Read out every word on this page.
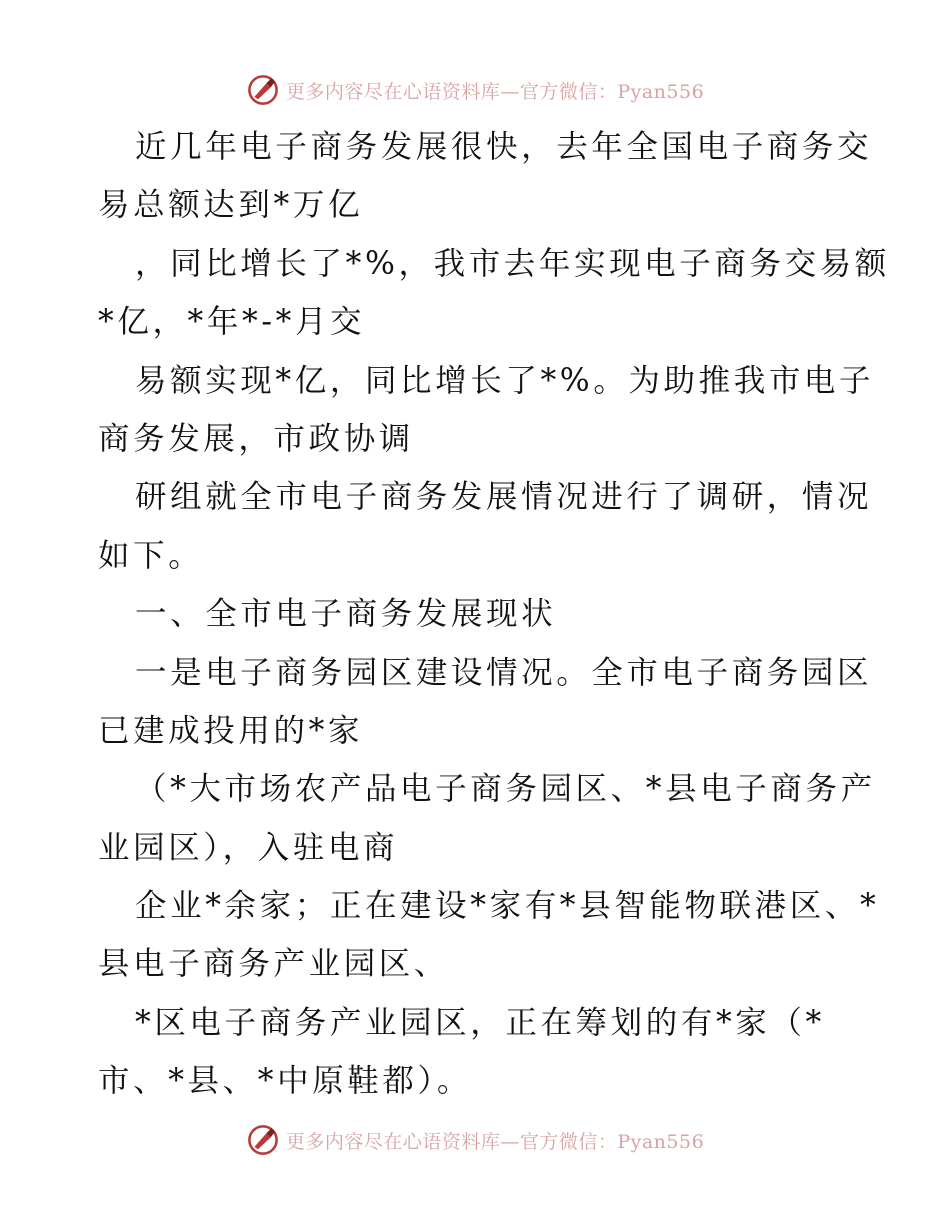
更多内容尽在心语资料库—官方微信：Pyan556
近几年电子商务发展很快，去年全国电子商务交
易总额达到*万亿
，同比增长了*%，我市去年实现电子商务交易额
*亿，*年*-*月交
易额实现*亿，同比增长了*%。为助推我市电子
商务发展，市政协调
研组就全市电子商务发展情况进行了调研，情况
如下。
一、全市电子商务发展现状
一是电子商务园区建设情况。全市电子商务园区
已建成投用的*家
（*大市场农产品电子商务园区、*县电子商务产
业园区），入驻电商
企业*余家；正在建设*家有*县智能物联港区、*
县电子商务产业园区、
*区电子商务产业园区，正在筹划的有*家（*
市、*县、*中原鞋都）。
更多内容尽在心语资料库—官方微信：Pyan556
